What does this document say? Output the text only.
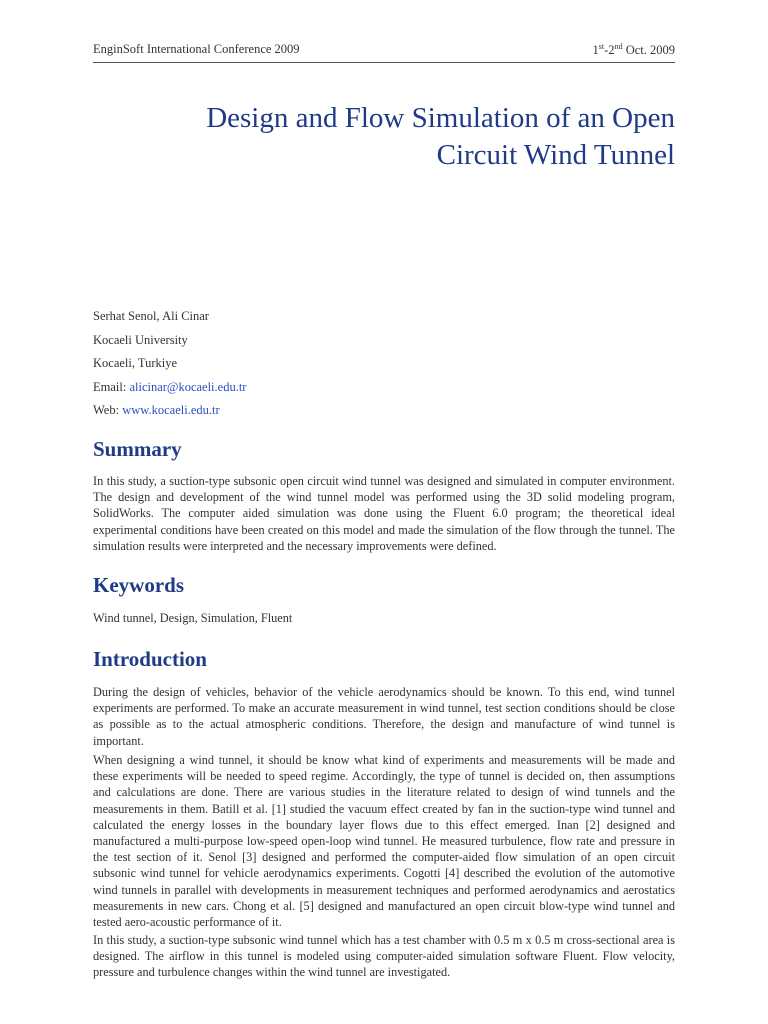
EnginSoft International Conference 2009	1st-2nd Oct. 2009
Design and Flow Simulation of an Open
Circuit Wind Tunnel
Serhat Senol, Ali Cinar
Kocaeli University
Kocaeli, Turkiye
Email: alicinar@kocaeli.edu.tr
Web: www.kocaeli.edu.tr
Summary

In this study, a suction-type subsonic open circuit wind tunnel was designed and simulated in computer environment. The design and development of the wind tunnel model was performed using the 3D solid modeling program, SolidWorks. The computer aided simulation was done using the Fluent 6.0 program; the theoretical ideal experimental conditions have been created on this model and made the simulation of the flow through the tunnel. The simulation results were interpreted and the necessary improvements were defined.

Keywords

Wind tunnel, Design, Simulation, Fluent

Introduction

During the design of vehicles, behavior of the vehicle aerodynamics should be known. To this end, wind tunnel experiments are performed. To make an accurate measurement in wind tunnel, test section conditions should be close as possible as to the actual atmospheric conditions. Therefore, the design and manufacture of wind tunnel is important.

When designing a wind tunnel, it should be know what kind of experiments and measurements will be made and these experiments will be needed to speed regime. Accordingly, the type of tunnel is decided on, then assumptions and calculations are done. There are various studies in the literature related to design of wind tunnels and the measurements in them. Batill et al. [1] studied the vacuum effect created by fan in the suction-type wind tunnel and calculated the energy losses in the boundary layer flows due to this effect emerged. Inan [2] designed and manufactured a multi-purpose low-speed open-loop wind tunnel. He measured turbulence, flow rate and pressure in the test section of it. Senol [3] designed and performed the computer-aided flow simulation of an open circuit subsonic wind tunnel for vehicle aerodynamics experiments. Cogotti [4] described the evolution of the automotive wind tunnels in parallel with developments in measurement techniques and performed aerodynamics and aerostatics measurements in new cars. Chong et al. [5] designed and manufactured an open circuit blow-type wind tunnel and tested aero-acoustic performance of it.

In this study, a suction-type subsonic wind tunnel which has a test chamber with 0.5 m x 0.5 m cross-sectional area is designed. The airflow in this tunnel is modeled using computer-aided simulation software Fluent. Flow velocity, pressure and turbulence changes within the wind tunnel are investigated.
